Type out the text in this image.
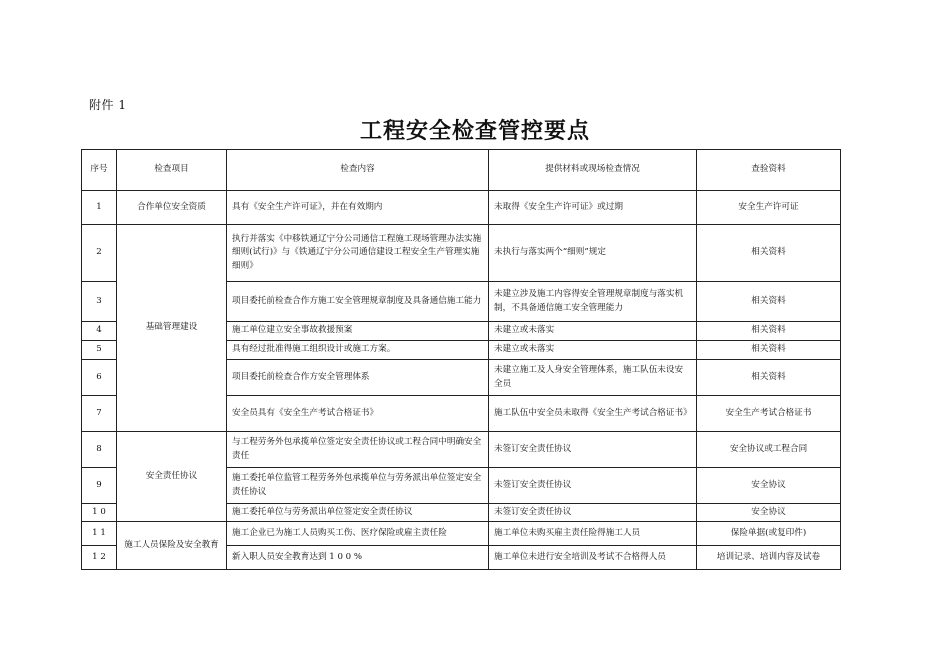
附件 1
工程安全检查管控要点
序号	检查项目	检查内容	提供材料或现场检查情况	查验资料
1	合作单位安全资质	具有《安全生产许可证》，并在有效期内	未取得《安全生产许可证》或过期	安全生产许可证
2	基础管理建设	执行并落实《中移铁通辽宁分公司通信工程施工现场管理办法实施细则(试行)》与《铁通辽宁分公司通信建设工程安全生产管理实施细则》	未执行与落实两个“细则”规定	相关资料
3		项目委托前检查合作方施工安全管理规章制度及具备通信施工能力	未建立涉及施工内容得安全管理规章制度与落实机制，不具备通信施工安全管理能力	相关资料
4		施工单位建立安全事故救援预案	未建立或未落实	相关资料
5		具有经过批准得施工组织设计或施工方案。	未建立或未落实	相关资料
6		项目委托前检查合作方安全管理体系	未建立施工及人身安全管理体系，施工队伍未设安全员	相关资料
7		安全员具有《安全生产考试合格证书》	施工队伍中安全员未取得《安全生产考试合格证书》	安全生产考试合格证书
8	安全责任协议	与工程劳务外包承揽单位签定安全责任协议或工程合同中明确安全责任	未签订安全责任协议	安全协议或工程合同
9		施工委托单位监管工程劳务外包承揽单位与劳务派出单位签定安全责任协议	未签订安全责任协议	安全协议
1 0		施工委托单位与劳务派出单位签定安全责任协议	未签订安全责任协议	安全协议
1 1	施工人员保险及安全教育	施工企业已为施工人员购买工伤、医疗保险或雇主责任险	施工单位未购买雇主责任险得施工人员	保险单据(或复印件)
1 2		新入职人员安全教育达到 1 0 0 %	施工单位未进行安全培训及考试不合格得人员	培训记录、培训内容及试卷
